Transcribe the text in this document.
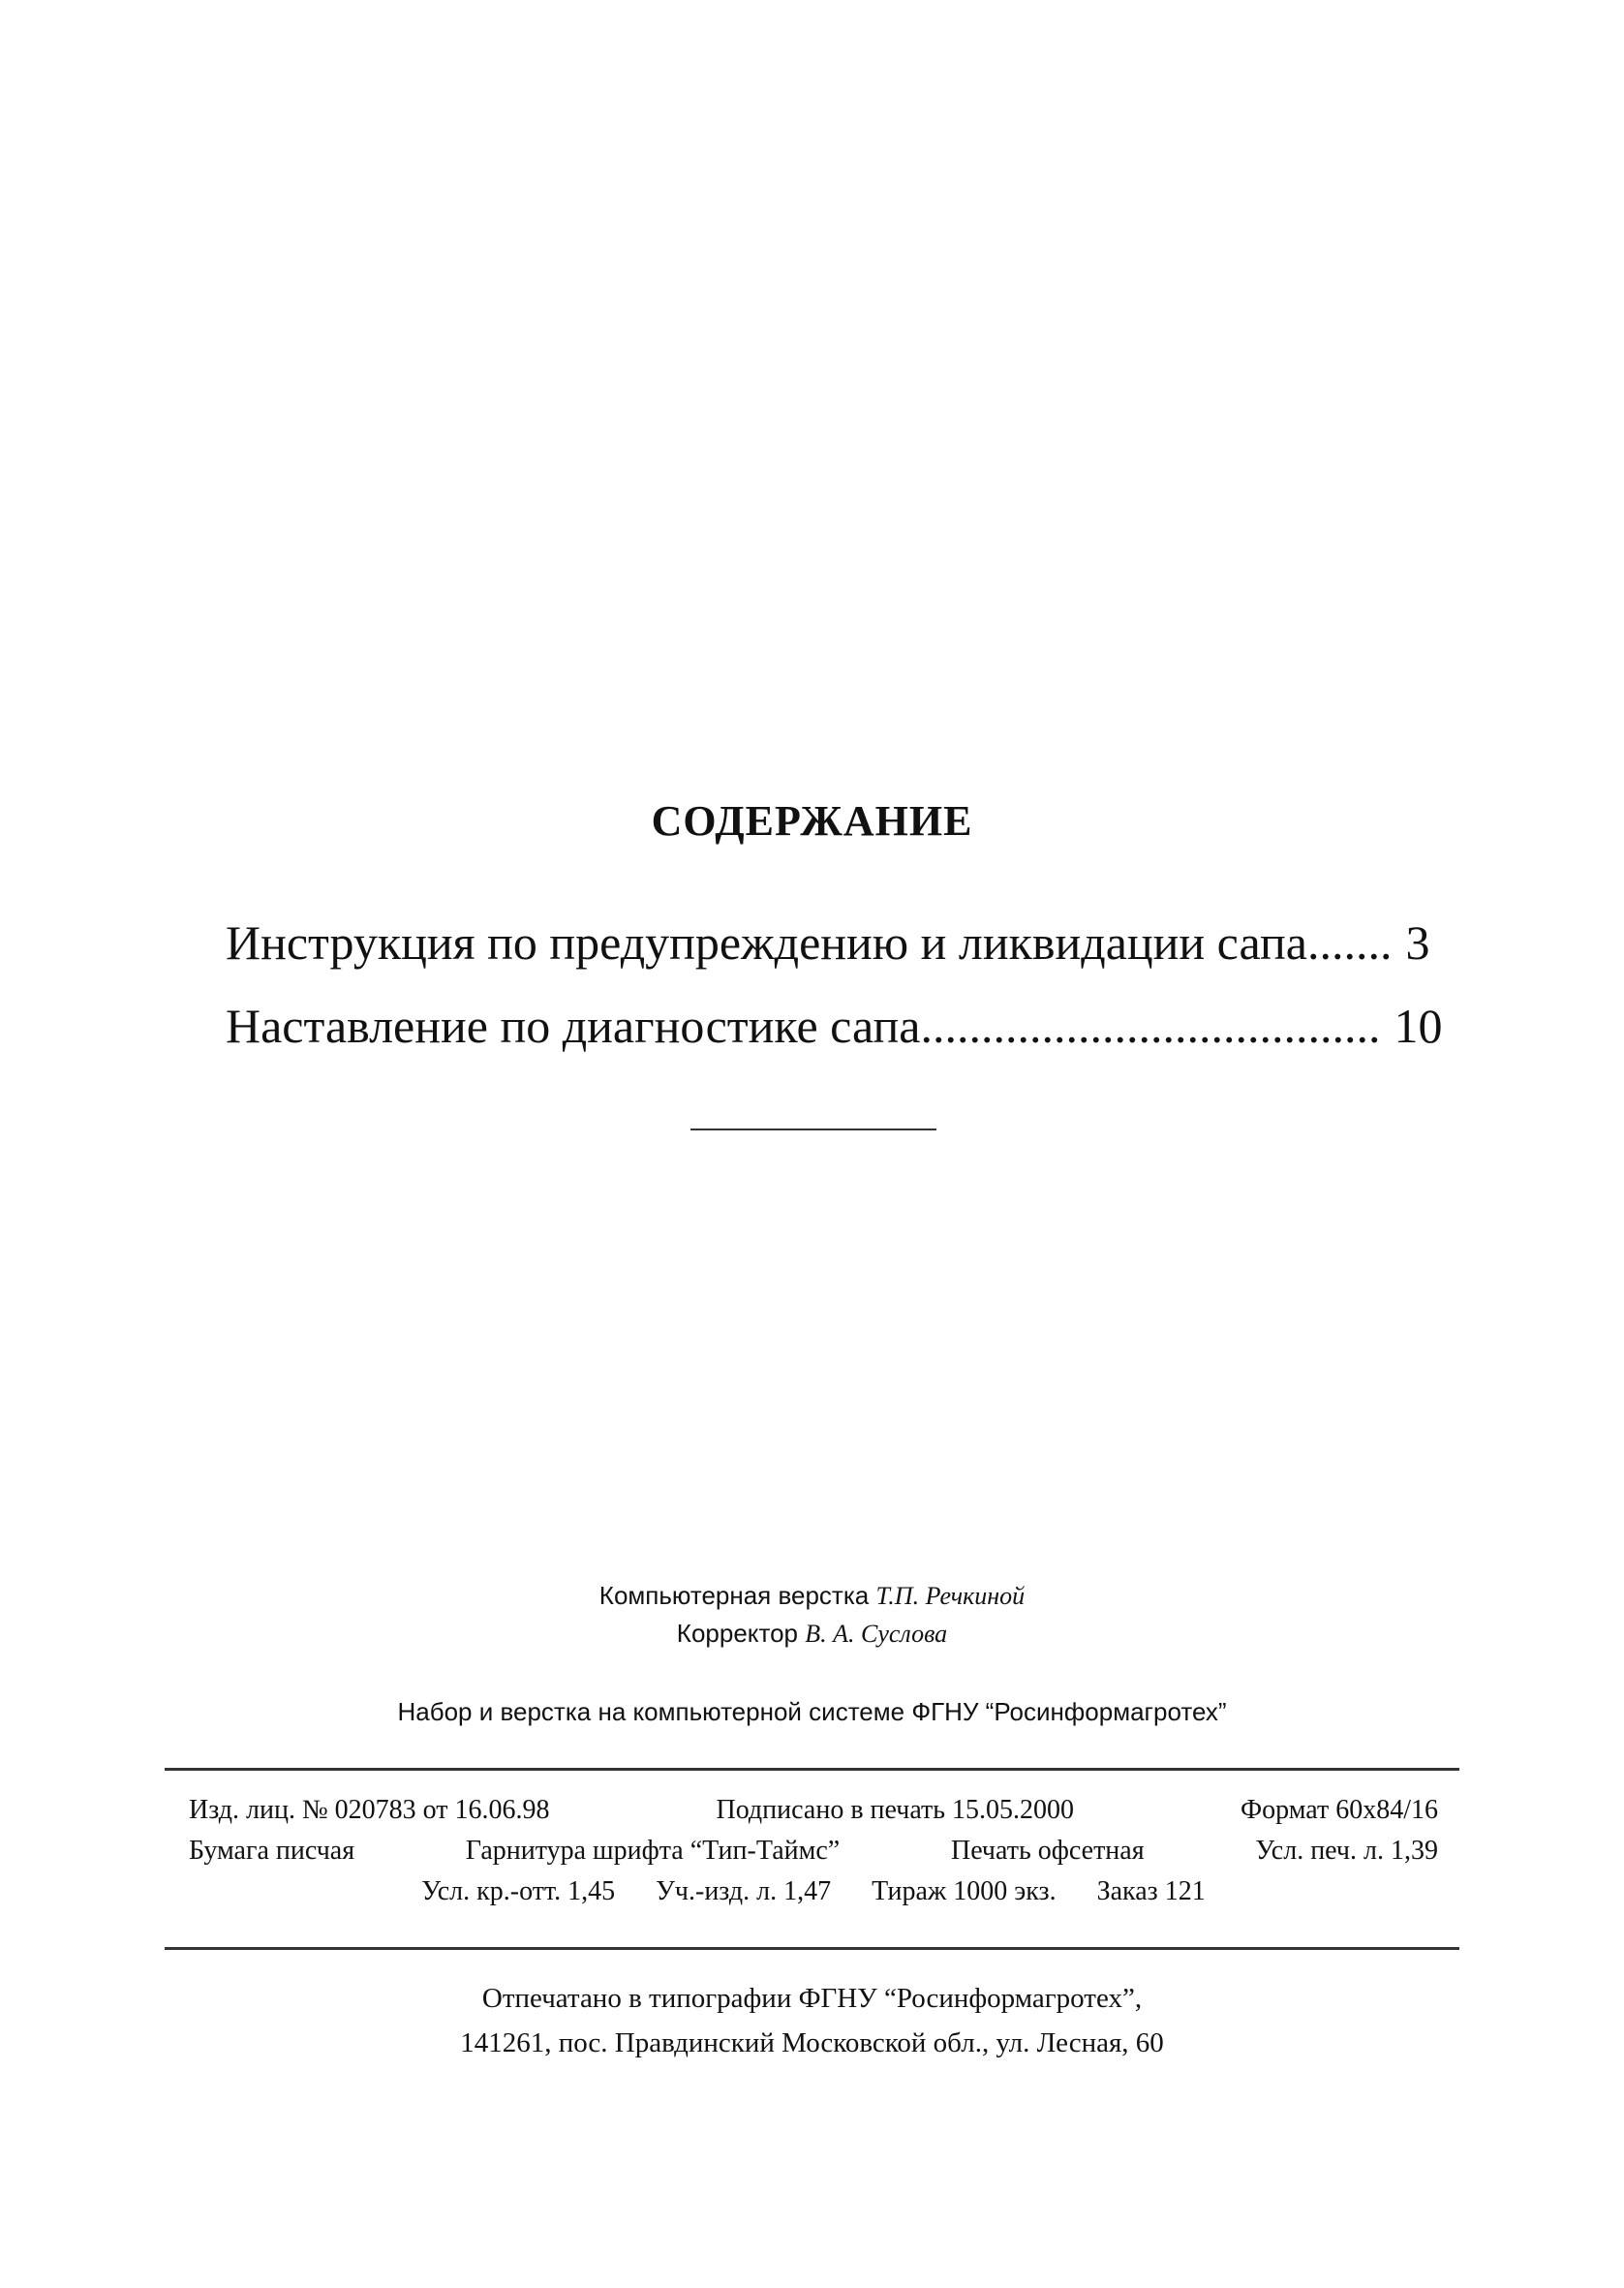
СОДЕРЖАНИЕ
Инструкция по предупреждению и ликвидации сапа ....... 3
Наставление по диагностике сапа ...................................... 10
Компьютерная верстка Т.П. Речкиной
Корректор В. А. Суслова
Набор и верстка на компьютерной системе ФГНУ “Росинформагротех”
Изд. лиц. № 020783 от 16.06.98	Подписано в печать 15.05.2000	Формат 60х84/16
Бумага писчая	Гарнитура шрифта “Тип-Таймс”	Печать офсетная	Усл. печ. л. 1,39
Усл. кр.-отт. 1,45 Уч.-изд. л. 1,47 Тираж 1000 экз. Заказ 121
Отпечатано в типографии ФГНУ “Росинформагротех”,
141261, пос. Правдинский Московской обл., ул. Лесная, 60
